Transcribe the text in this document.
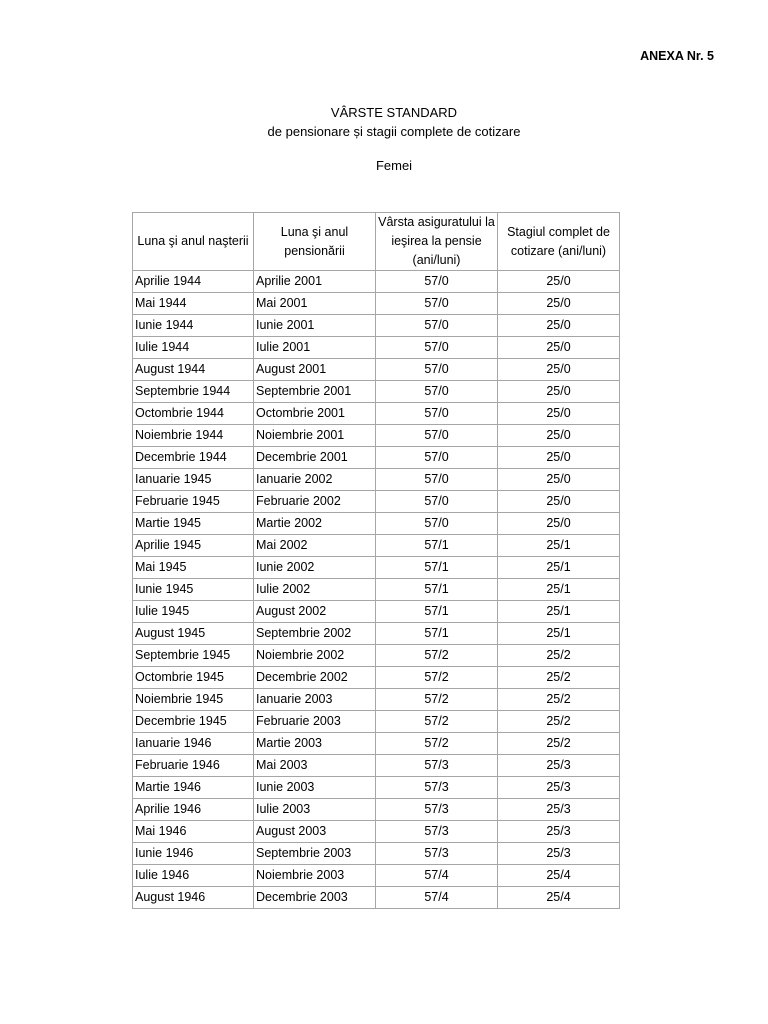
ANEXA Nr. 5

VÂRSTE STANDARD
de pensionare și stagii complete de cotizare
Femei
Luna şi anul naşterii	Luna şi anul pensionării	Vârsta asiguratului la ieşirea la pensie (ani/luni)	Stagiul complet de cotizare (ani/luni)
Aprilie 1944	Aprilie 2001	57/0	25/0
Mai 1944	Mai 2001	57/0	25/0
Iunie 1944	Iunie 2001	57/0	25/0
Iulie 1944	Iulie 2001	57/0	25/0
August 1944	August 2001	57/0	25/0
Septembrie 1944	Septembrie 2001	57/0	25/0
Octombrie 1944	Octombrie 2001	57/0	25/0
Noiembrie 1944	Noiembrie 2001	57/0	25/0
Decembrie 1944	Decembrie 2001	57/0	25/0
Ianuarie 1945	Ianuarie 2002	57/0	25/0
Februarie 1945	Februarie 2002	57/0	25/0
Martie 1945	Martie 2002	57/0	25/0
Aprilie 1945	Mai 2002	57/1	25/1
Mai 1945	Iunie 2002	57/1	25/1
Iunie 1945	Iulie 2002	57/1	25/1
Iulie 1945	August 2002	57/1	25/1
August 1945	Septembrie 2002	57/1	25/1
Septembrie 1945	Noiembrie 2002	57/2	25/2
Octombrie 1945	Decembrie 2002	57/2	25/2
Noiembrie 1945	Ianuarie 2003	57/2	25/2
Decembrie 1945	Februarie 2003	57/2	25/2
Ianuarie 1946	Martie 2003	57/2	25/2
Februarie 1946	Mai 2003	57/3	25/3
Martie 1946	Iunie 2003	57/3	25/3
Aprilie 1946	Iulie 2003	57/3	25/3
Mai 1946	August 2003	57/3	25/3
Iunie 1946	Septembrie 2003	57/3	25/3
Iulie 1946	Noiembrie 2003	57/4	25/4
August 1946	Decembrie 2003	57/4	25/4
